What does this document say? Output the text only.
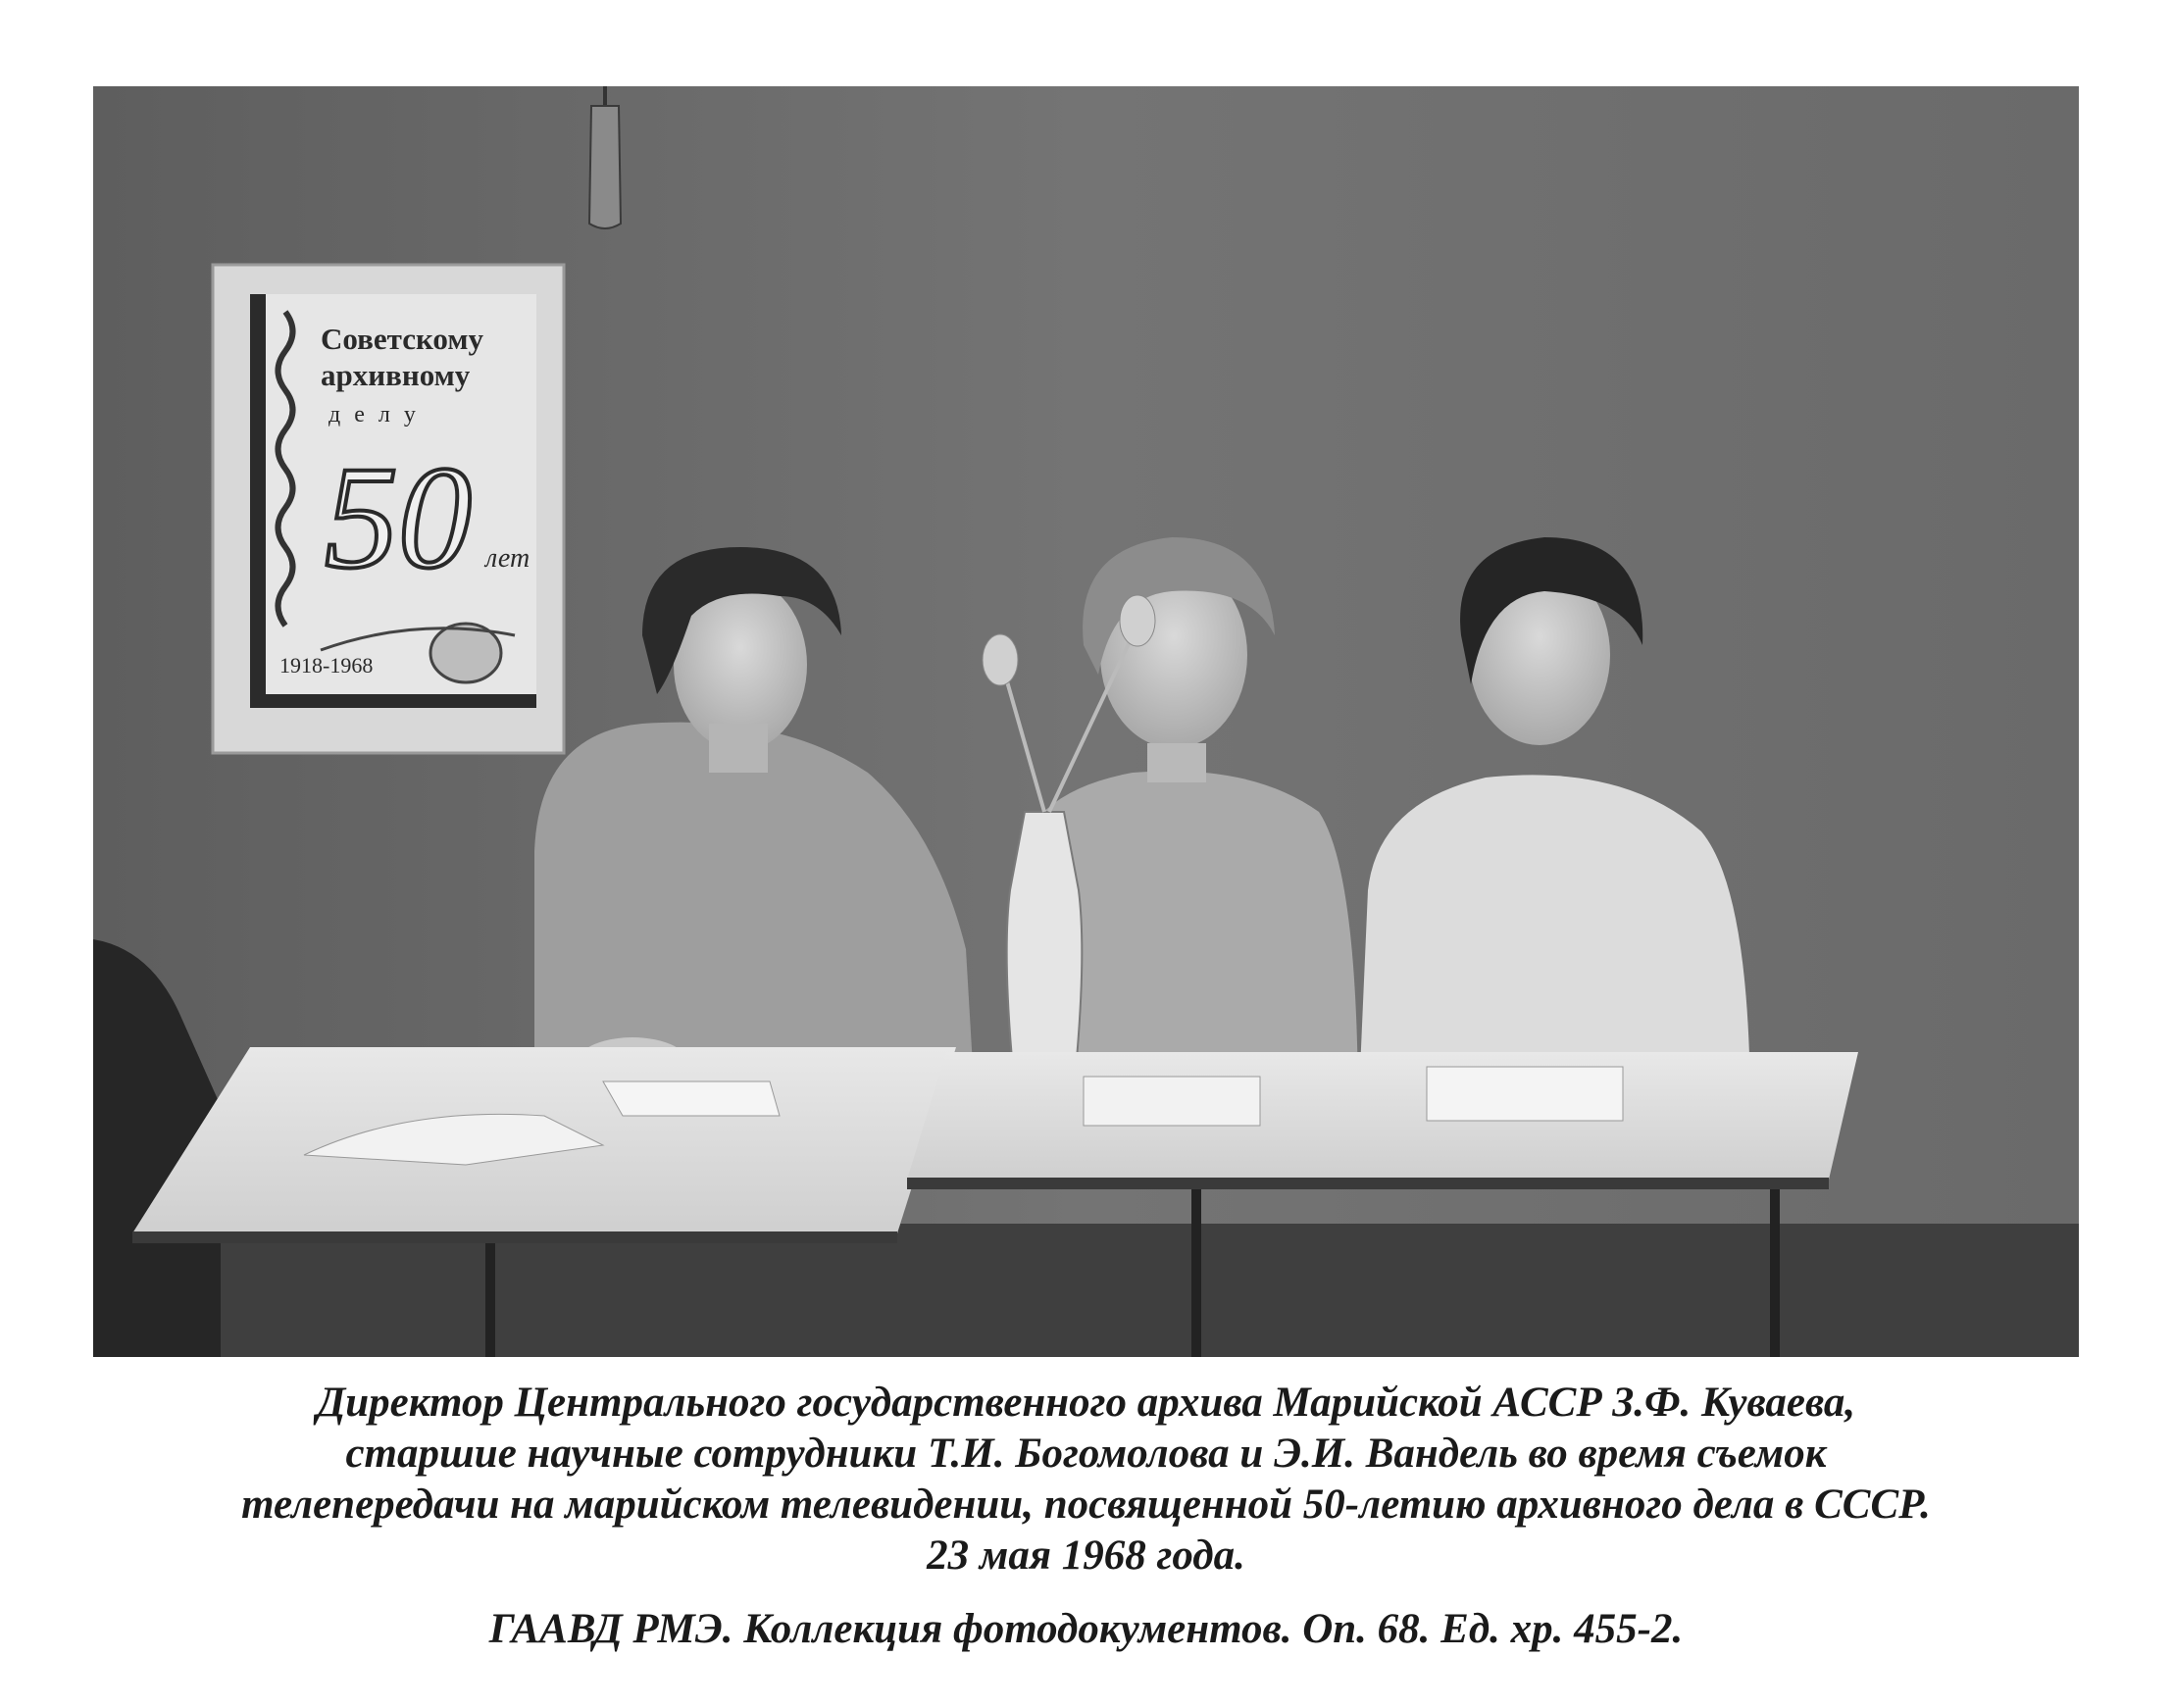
Советскому
архивному
делу
50 лет
1918-1968
Директор Центрального государственного архива Марийской АССР З.Ф. Куваева,
старшие научные сотрудники Т.И. Богомолова и Э.И. Вандель во время съемок
телепередачи на марийском телевидении, посвященной 50-летию архивного дела в СССР.
23 мая 1968 года.
ГААВД РМЭ. Коллекция фотодокументов. Оп. 68. Ед. хр. 455-2.
